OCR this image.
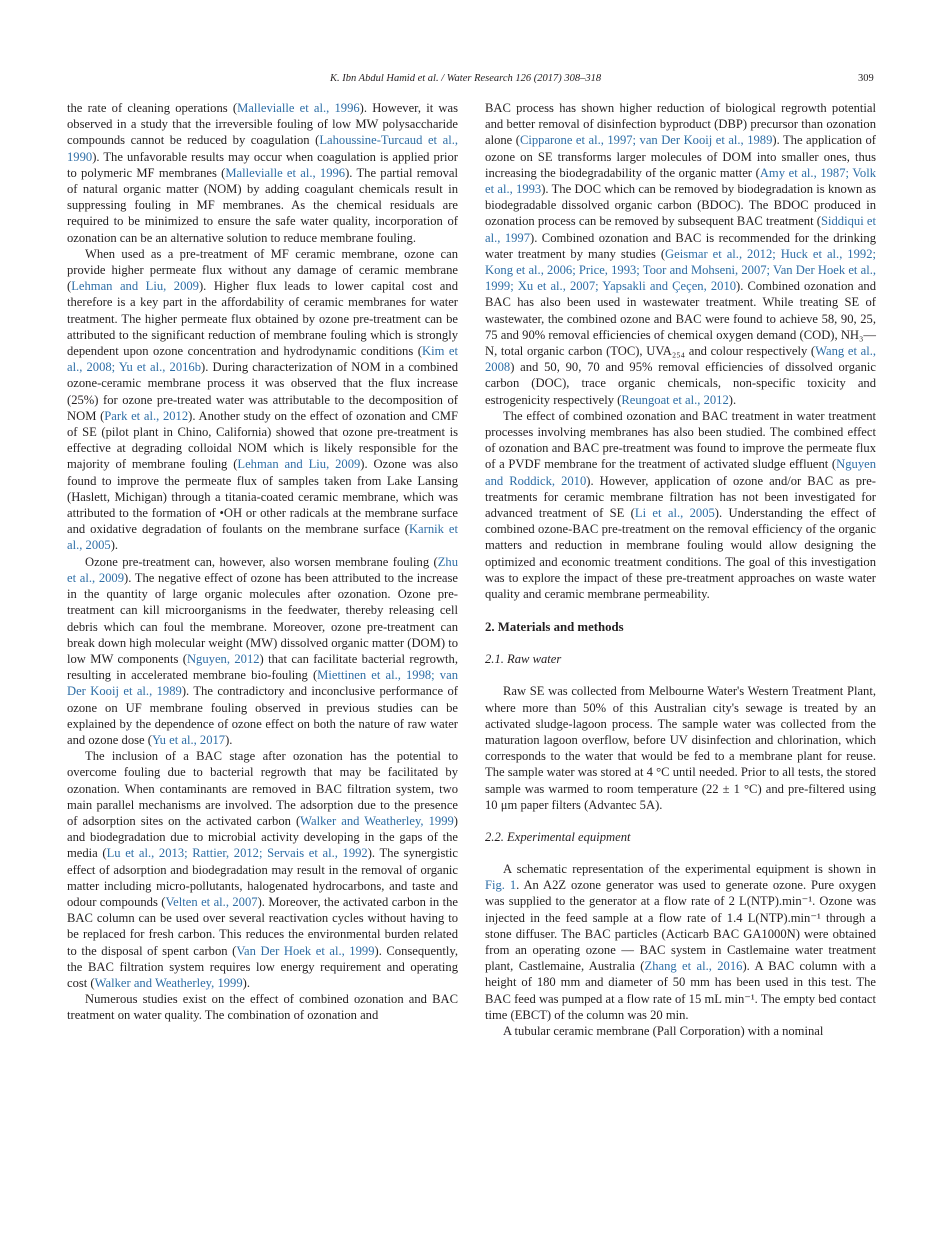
K. Ibn Abdul Hamid et al. / Water Research 126 (2017) 308–318	309

the rate of cleaning operations (Mallevialle et al., 1996). However, it was observed in a study that the irreversible fouling of low MW polysaccharide compounds cannot be reduced by coagulation (Lahoussine-Turcaud et al., 1990). The unfavorable results may occur when coagulation is applied prior to polymeric MF membranes (Mallevialle et al., 1996). The partial removal of natural organic matter (NOM) by adding coagulant chemicals result in suppressing fouling in MF membranes. As the chemical residuals are required to be minimized to ensure the safe water quality, incorporation of ozonation can be an alternative solution to reduce membrane fouling.

When used as a pre-treatment of MF ceramic membrane, ozone can provide higher permeate flux without any damage of ceramic membrane (Lehman and Liu, 2009). Higher flux leads to lower capital cost and therefore is a key part in the affordability of ceramic membranes for water treatment. The higher permeate flux obtained by ozone pre-treatment can be attributed to the significant reduction of membrane fouling which is strongly dependent upon ozone concentration and hydrodynamic conditions (Kim et al., 2008; Yu et al., 2016b). During characterization of NOM in a combined ozone-ceramic membrane process it was observed that the flux increase (25%) for ozone pre-treated water was attributable to the decomposition of NOM (Park et al., 2012). Another study on the effect of ozonation and CMF of SE (pilot plant in Chino, California) showed that ozone pre-treatment is effective at degrading colloidal NOM which is likely responsible for the majority of membrane fouling (Lehman and Liu, 2009). Ozone was also found to improve the permeate flux of samples taken from Lake Lansing (Haslett, Michigan) through a titania-coated ceramic membrane, which was attributed to the formation of •OH or other radicals at the membrane surface and oxidative degradation of foulants on the membrane surface (Karnik et al., 2005).

Ozone pre-treatment can, however, also worsen membrane fouling (Zhu et al., 2009). The negative effect of ozone has been attributed to the increase in the quantity of large organic molecules after ozonation. Ozone pre-treatment can kill microorganisms in the feedwater, thereby releasing cell debris which can foul the membrane. Moreover, ozone pre-treatment can break down high molecular weight (MW) dissolved organic matter (DOM) to low MW components (Nguyen, 2012) that can facilitate bacterial regrowth, resulting in accelerated membrane bio-fouling (Miettinen et al., 1998; van Der Kooij et al., 1989). The contradictory and inconclusive performance of ozone on UF membrane fouling observed in previous studies can be explained by the dependence of ozone effect on both the nature of raw water and ozone dose (Yu et al., 2017).

The inclusion of a BAC stage after ozonation has the potential to overcome fouling due to bacterial regrowth that may be facilitated by ozonation. When contaminants are removed in BAC filtration system, two main parallel mechanisms are involved. The adsorption due to the presence of adsorption sites on the activated carbon (Walker and Weatherley, 1999) and biodegradation due to microbial activity developing in the gaps of the media (Lu et al., 2013; Rattier, 2012; Servais et al., 1992). The synergistic effect of adsorption and biodegradation may result in the removal of organic matter including micro-pollutants, halogenated hydrocarbons, and taste and odour compounds (Velten et al., 2007). Moreover, the activated carbon in the BAC column can be used over several reactivation cycles without having to be replaced for fresh carbon. This reduces the environmental burden related to the disposal of spent carbon (Van Der Hoek et al., 1999). Consequently, the BAC filtration system requires low energy requirement and operating cost (Walker and Weatherley, 1999).

Numerous studies exist on the effect of combined ozonation and BAC treatment on water quality. The combination of ozonation and

BAC process has shown higher reduction of biological regrowth potential and better removal of disinfection byproduct (DBP) precursor than ozonation alone (Cipparone et al., 1997; van Der Kooij et al., 1989). The application of ozone on SE transforms larger molecules of DOM into smaller ones, thus increasing the biodegradability of the organic matter (Amy et al., 1987; Volk et al., 1993). The DOC which can be removed by biodegradation is known as biodegradable dissolved organic carbon (BDOC). The BDOC produced in ozonation process can be removed by subsequent BAC treatment (Siddiqui et al., 1997). Combined ozonation and BAC is recommended for the drinking water treatment by many studies (Geismar et al., 2012; Huck et al., 1992; Kong et al., 2006; Price, 1993; Toor and Mohseni, 2007; Van Der Hoek et al., 1999; Xu et al., 2007; Yapsakli and Çeçen, 2010). Combined ozonation and BAC has also been used in wastewater treatment. While treating SE of wastewater, the combined ozone and BAC were found to achieve 58, 90, 25, 75 and 90% removal efficiencies of chemical oxygen demand (COD), NH₃—N, total organic carbon (TOC), UVA₂₅₄ and colour respectively (Wang et al., 2008) and 50, 90, 70 and 95% removal efficiencies of dissolved organic carbon (DOC), trace organic chemicals, non-specific toxicity and estrogenicity respectively (Reungoat et al., 2012).

The effect of combined ozonation and BAC treatment in water treatment processes involving membranes has also been studied. The combined effect of ozonation and BAC pre-treatment was found to improve the permeate flux of a PVDF membrane for the treatment of activated sludge effluent (Nguyen and Roddick, 2010). However, application of ozone and/or BAC as pre-treatments for ceramic membrane filtration has not been investigated for advanced treatment of SE (Li et al., 2005). Understanding the effect of combined ozone-BAC pre-treatment on the removal efficiency of the organic matters and reduction in membrane fouling would allow designing the optimized and economic treatment conditions. The goal of this investigation was to explore the impact of these pre-treatment approaches on waste water quality and ceramic membrane permeability.

2. Materials and methods
2.1. Raw water

Raw SE was collected from Melbourne Water's Western Treatment Plant, where more than 50% of this Australian city's sewage is treated by an activated sludge-lagoon process. The sample water was collected from the maturation lagoon overflow, before UV disinfection and chlorination, which corresponds to the water that would be fed to a membrane plant for reuse. The sample water was stored at 4 °C until needed. Prior to all tests, the stored sample was warmed to room temperature (22 ± 1 °C) and pre-filtered using 10 μm paper filters (Advantec 5A).

2.2. Experimental equipment

A schematic representation of the experimental equipment is shown in Fig. 1. An A2Z ozone generator was used to generate ozone. Pure oxygen was supplied to the generator at a flow rate of 2 L(NTP).min⁻¹. Ozone was injected in the feed sample at a flow rate of 1.4 L(NTP).min⁻¹ through a stone diffuser. The BAC particles (Acticarb BAC GA1000N) were obtained from an operating ozone — BAC system in Castlemaine water treatment plant, Castlemaine, Australia (Zhang et al., 2016). A BAC column with a height of 180 mm and diameter of 50 mm has been used in this test. The BAC feed was pumped at a flow rate of 15 mL min⁻¹. The empty bed contact time (EBCT) of the column was 20 min.

A tubular ceramic membrane (Pall Corporation) with a nominal
